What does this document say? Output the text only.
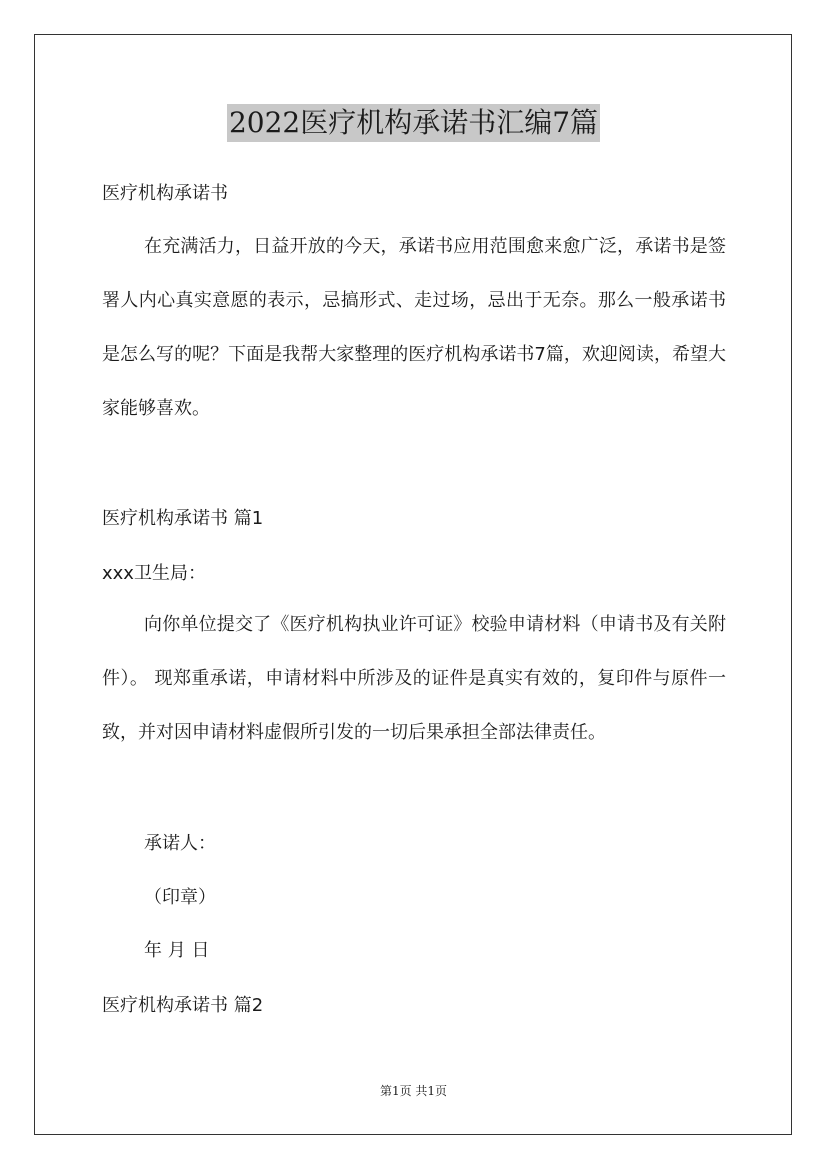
2022医疗机构承诺书汇编7篇
医疗机构承诺书
在充满活力，日益开放的今天，承诺书应用范围愈来愈广泛，承诺书是签署人内心真实意愿的表示，忌搞形式、走过场，忌出于无奈。那么一般承诺书是怎么写的呢？下面是我帮大家整理的医疗机构承诺书7篇，欢迎阅读，希望大家能够喜欢。
医疗机构承诺书 篇1
xxx卫生局：
向你单位提交了《医疗机构执业许可证》校验申请材料（申请书及有关附件）。 现郑重承诺，申请材料中所涉及的证件是真实有效的，复印件与原件一致，并对因申请材料虚假所引发的一切后果承担全部法律责任。
承诺人：
（印章）
年 月 日
医疗机构承诺书 篇2
第1页 共1页
